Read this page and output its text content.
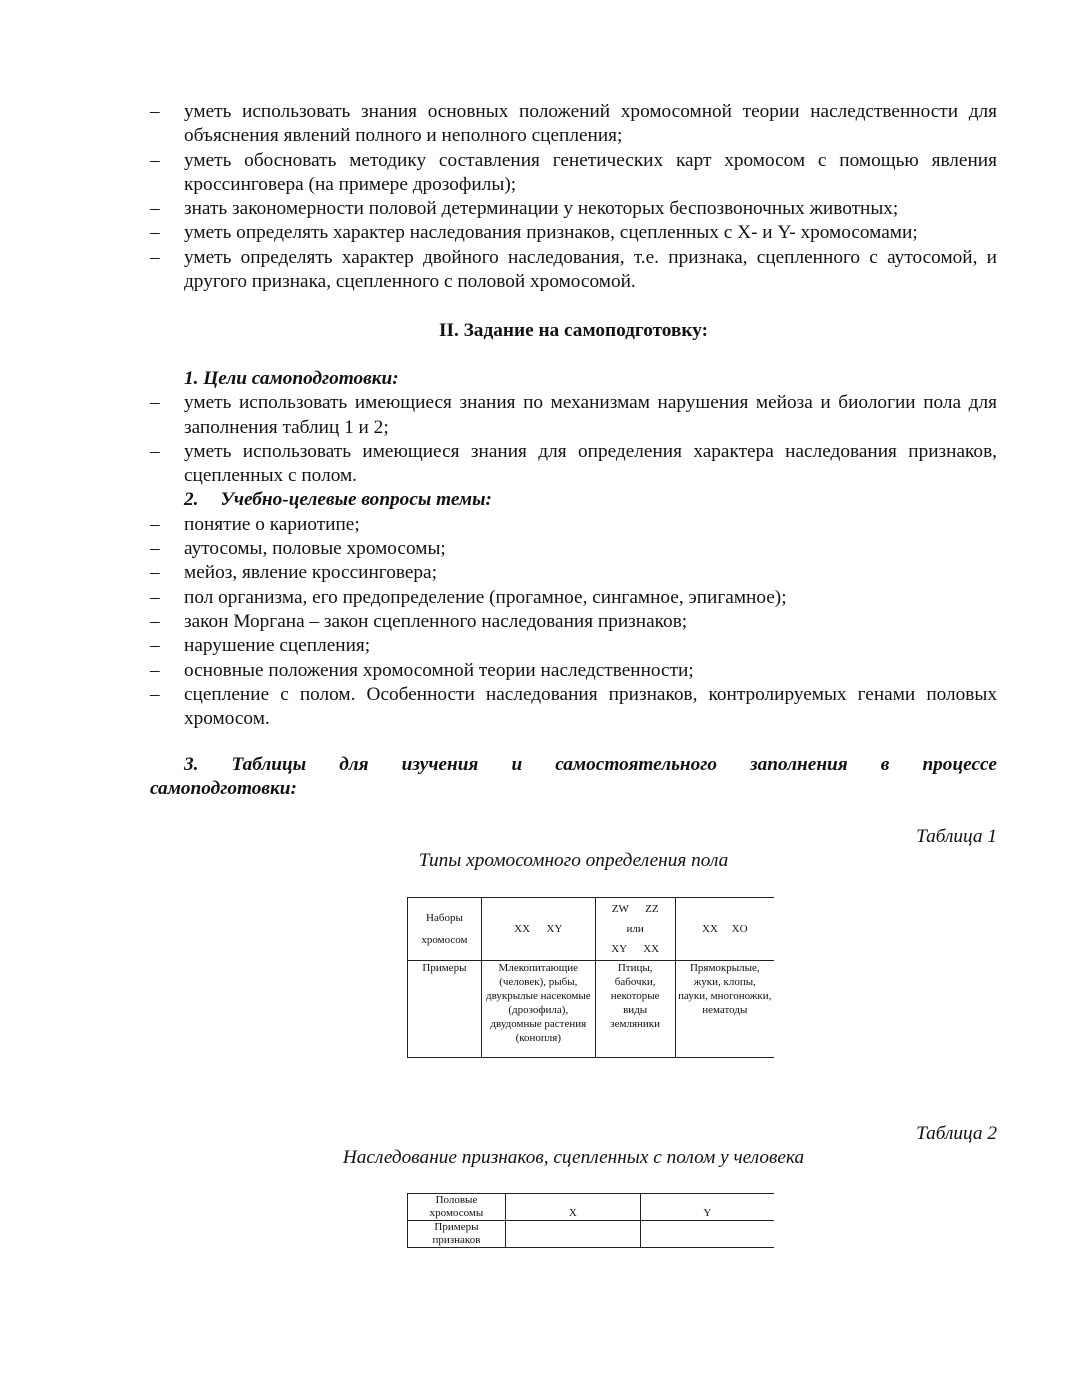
– уметь использовать знания основных положений хромосомной теории наследственности для объяснения явлений полного и неполного сцепления;
– уметь обосновать методику составления генетических карт хромосом с помощью явления кроссинговера (на примере дрозофилы);
– знать закономерности половой детерминации у некоторых беспозвоночных животных;
– уметь определять характер наследования признаков, сцепленных с X- и Y- хромосомами;
– уметь определять характер двойного наследования, т.е. признака, сцепленного с аутосомой, и другого признака, сцепленного с половой хромосомой.
II. Задание на самоподготовку:
1. Цели самоподготовки:
– уметь использовать имеющиеся знания по механизмам нарушения мейоза и биологии пола для заполнения таблиц 1 и 2;
– уметь использовать имеющиеся знания для определения характера наследования признаков, сцепленных с полом.
2. Учебно-целевые вопросы темы:
– понятие о кариотипе;
– аутосомы, половые хромосомы;
– мейоз, явление кроссинговера;
– пол организма, его предопределение (прогамное, сингамное, эпигамное);
– закон Моргана – закон сцепленного наследования признаков;
– нарушение сцепления;
– основные положения хромосомной теории наследственности;
– сцепление с полом. Особенности наследования признаков, контролируемых генами половых хромосом.
3. Таблицы для изучения и самостоятельного заполнения в процессе
самоподготовки:
Таблица 1
Типы хромосомного определения пола
Наборы хромосом	XX      XY	ZW      ZZ
или
XY      XX	XX     XO
Примеры	Млекопитающие (человек), рыбы, двукрылые насекомые (дрозофила), двудомные растения (конопля)	Птицы, бабочки, некоторые виды земляники	Прямокрылые, жуки, клопы, пауки, многоножки, нематоды
Таблица 2
Наследование признаков, сцепленных с полом у человека
Половые хромосомы	X	Y
Примеры признаков		
